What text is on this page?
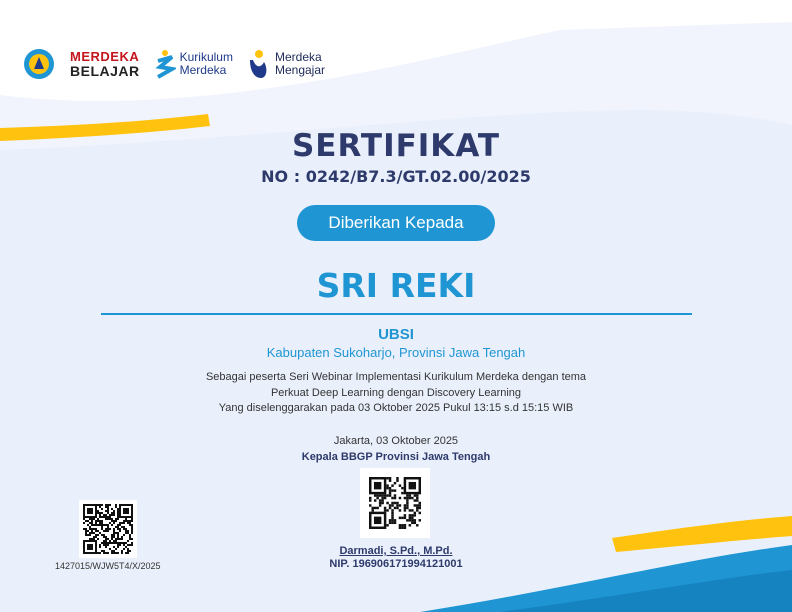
MERDEKA
BELAJAR
Kurikulum
Merdeka
Merdeka
Mengajar
SERTIFIKAT
NO : 0242/B7.3/GT.02.00/2025
Diberikan Kepada
SRI REKI
UBSI
Kabupaten Sukoharjo, Provinsi Jawa Tengah
Sebagai peserta Seri Webinar Implementasi Kurikulum Merdeka dengan tema
Perkuat Deep Learning dengan Discovery Learning
Yang diselenggarakan pada 03 Oktober 2025 Pukul 13:15 s.d 15:15 WIB
Jakarta, 03 Oktober 2025
Kepala BBGP Provinsi Jawa Tengah
Darmadi, S.Pd., M.Pd.
NIP. 196906171994121001
1427015/WJW5T4/X/2025
